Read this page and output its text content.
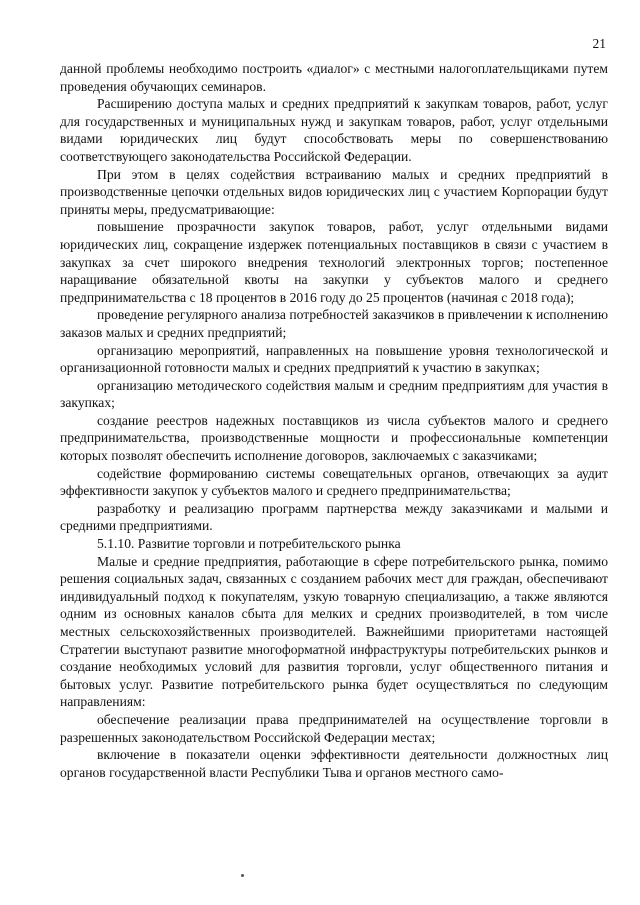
21

данной проблемы необходимо построить «диалог» с местными налогоплательщиками путем проведения обучающих семинаров.

Расширению доступа малых и средних предприятий к закупкам товаров, работ, услуг для государственных и муниципальных нужд и закупкам товаров, работ, услуг отдельными видами юридических лиц будут способствовать меры по совершенствованию соответствующего законодательства Российской Федерации.

При этом в целях содействия встраиванию малых и средних предприятий в производственные цепочки отдельных видов юридических лиц с участием Корпорации будут приняты меры, предусматривающие:

повышение прозрачности закупок товаров, работ, услуг отдельными видами юридических лиц, сокращение издержек потенциальных поставщиков в связи с участием в закупках за счет широкого внедрения технологий электронных торгов; постепенное наращивание обязательной квоты на закупки у субъектов малого и среднего предпринимательства с 18 процентов в 2016 году до 25 процентов (начиная с 2018 года);

проведение регулярного анализа потребностей заказчиков в привлечении к исполнению заказов малых и средних предприятий;

организацию мероприятий, направленных на повышение уровня технологической и организационной готовности малых и средних предприятий к участию в закупках;

организацию методического содействия малым и средним предприятиям для участия в закупках;

создание реестров надежных поставщиков из числа субъектов малого и среднего предпринимательства, производственные мощности и профессиональные компетенции которых позволят обеспечить исполнение договоров, заключаемых с заказчиками;

содействие формированию системы совещательных органов, отвечающих за аудит эффективности закупок у субъектов малого и среднего предпринимательства;

разработку и реализацию программ партнерства между заказчиками и малыми и средними предприятиями.

5.1.10. Развитие торговли и потребительского рынка

Малые и средние предприятия, работающие в сфере потребительского рынка, помимо решения социальных задач, связанных с созданием рабочих мест для граждан, обеспечивают индивидуальный подход к покупателям, узкую товарную специализацию, а также являются одним из основных каналов сбыта для мелких и средних производителей, в том числе местных сельскохозяйственных производителей. Важнейшими приоритетами настоящей Стратегии выступают развитие многоформатной инфраструктуры потребительских рынков и создание необходимых условий для развития торговли, услуг общественного питания и бытовых услуг. Развитие потребительского рынка будет осуществляться по следующим направлениям:

обеспечение реализации права предпринимателей на осуществление торговли в разрешенных законодательством Российской Федерации местах;

включение в показатели оценки эффективности деятельности должностных лиц органов государственной власти Республики Тыва и органов местного само-
